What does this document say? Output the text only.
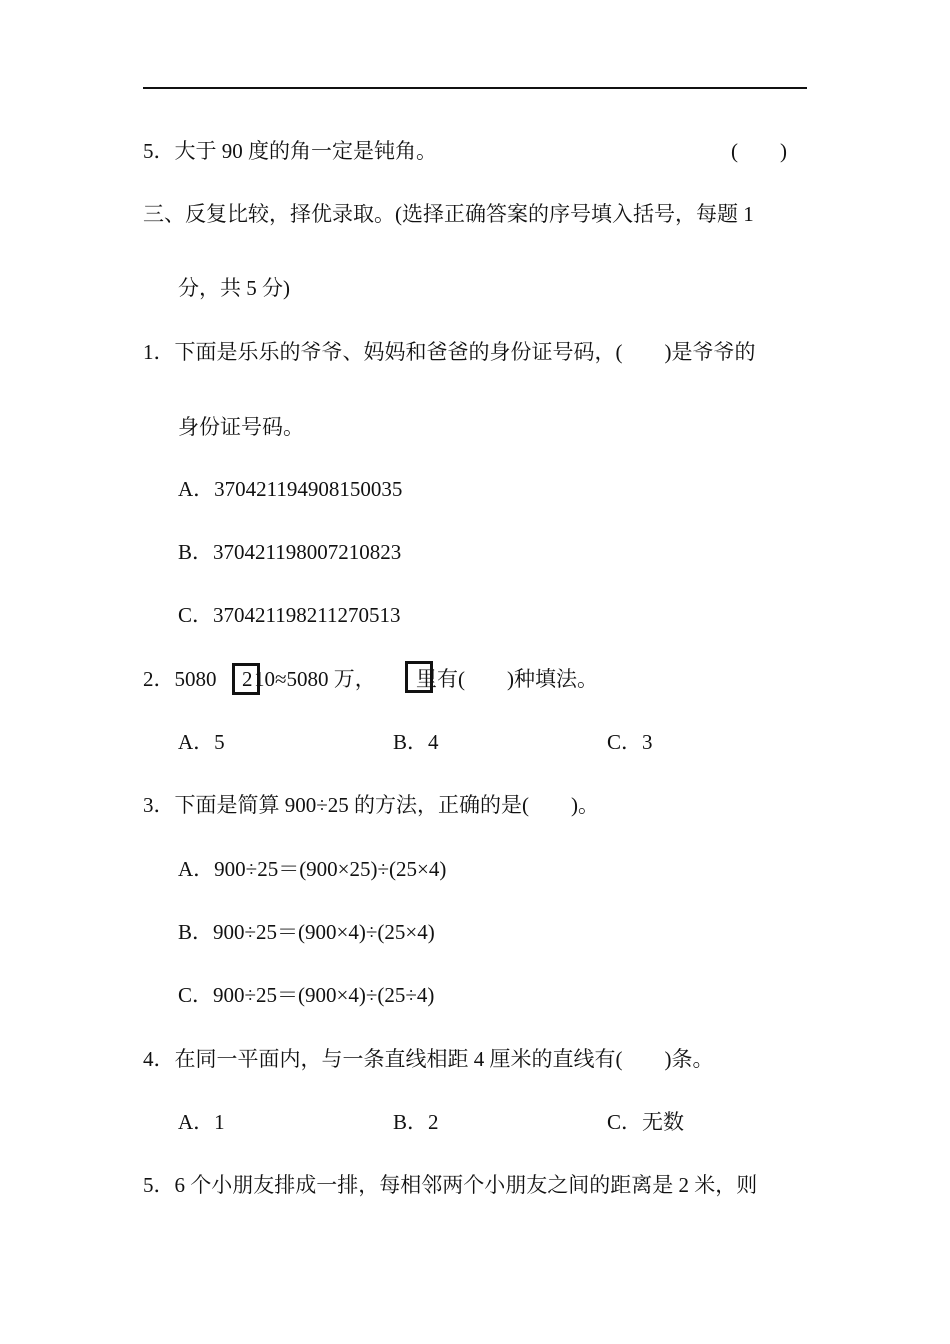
5．大于 90 度的角一定是钝角。	(　　)
三、反复比较，择优录取。(选择正确答案的序号填入括号，每题 1
分，共 5 分)
1．下面是乐乐的爷爷、妈妈和爸爸的身份证号码，(　　)是爷爷的
身份证号码。
A．370421194908150035
B．370421198007210823
C．370421198211270513
2．5080 2 10≈5080 万， 里有(　　)种填法。
A．5	B．4	C．3
3．下面是简算 900÷25 的方法，正确的是(　　)。
A．900÷25＝(900×25)÷(25×4)
B．900÷25＝(900×4)÷(25×4)
C．900÷25＝(900×4)÷(25÷4)
4．在同一平面内，与一条直线相距 4 厘米的直线有(　　)条。
A．1	B．2	C．无数
5．6 个小朋友排成一排，每相邻两个小朋友之间的距离是 2 米，则
